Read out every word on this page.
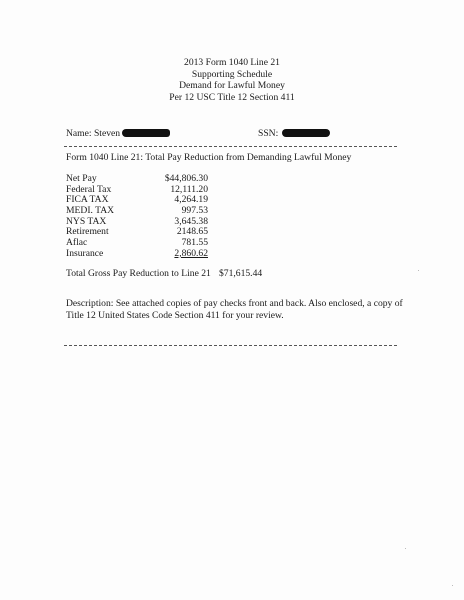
2013 Form 1040 Line 21
Supporting Schedule
Demand for Lawful Money
Per 12 USC Title 12 Section 411
Name: Steven	SSN:
Form 1040 Line 21: Total Pay Reduction from Demanding Lawful Money
Net Pay	$44,806.30
Federal Tax	12,111.20
FICA TAX	4,264.19
MEDI. TAX	997.53
NYS TAX	3,645.38
Retirement	2148.65
Aflac	781.55
Insurance	2,860.62
Total Gross Pay Reduction to Line 21 $71,615.44
Description: See attached copies of pay checks front and back. Also enclosed, a copy of
Title 12 United States Code Section 411 for your review.
